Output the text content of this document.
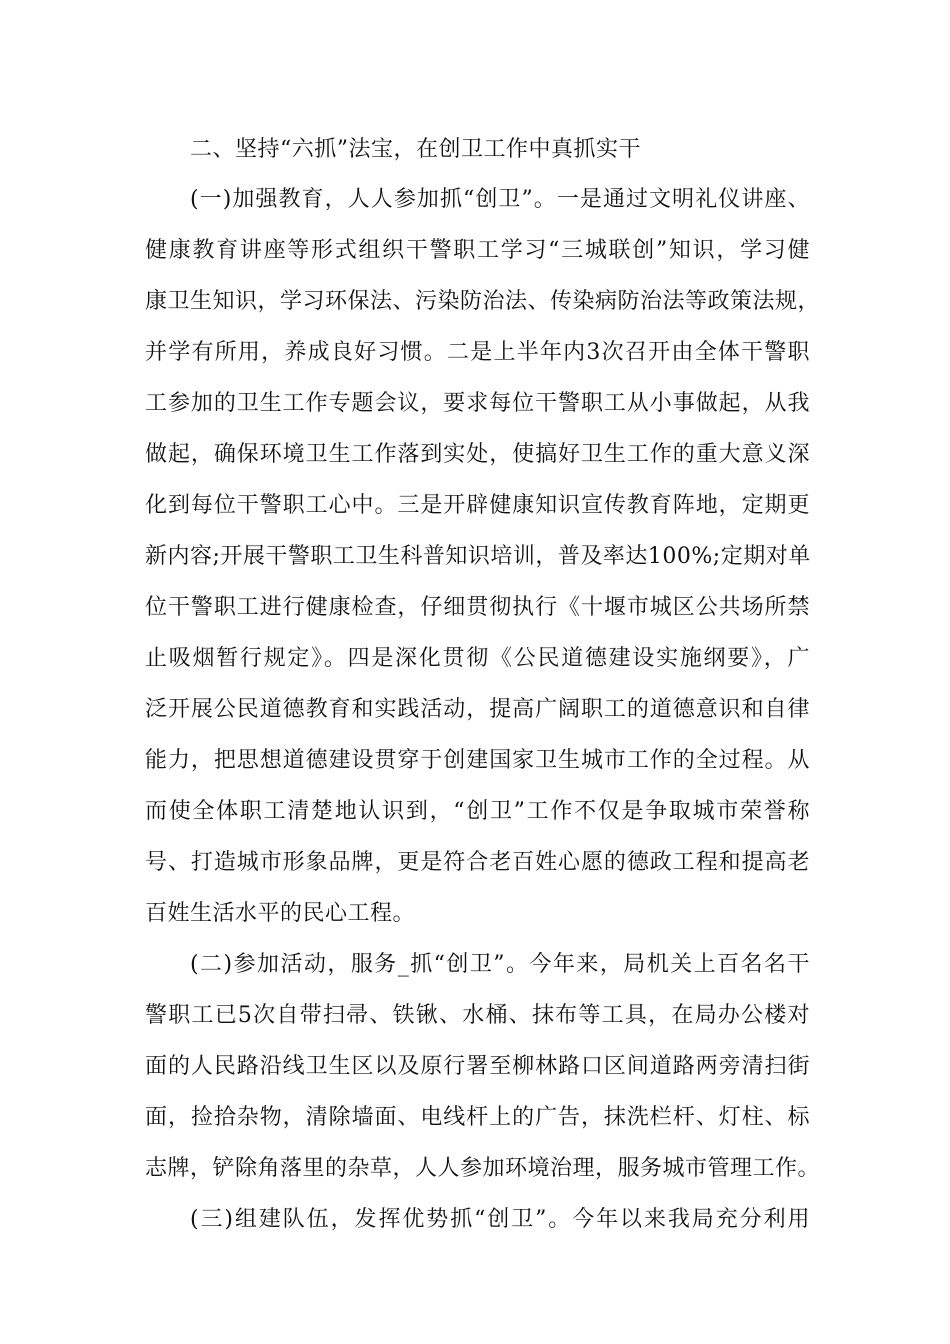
二、坚持“六抓”法宝，在创卫工作中真抓实干
(一)加强教育，人人参加抓“创卫”。一是通过文明礼仪讲座、
健康教育讲座等形式组织干警职工学习“三城联创”知识，学习健
康卫生知识，学习环保法、污染防治法、传染病防治法等政策法规，
并学有所用，养成良好习惯。二是上半年内3次召开由全体干警职
工参加的卫生工作专题会议，要求每位干警职工从小事做起，从我
做起，确保环境卫生工作落到实处，使搞好卫生工作的重大意义深
化到每位干警职工心中。三是开辟健康知识宣传教育阵地，定期更
新内容;开展干警职工卫生科普知识培训，普及率达100%;定期对单
位干警职工进行健康检查，仔细贯彻执行《十堰市城区公共场所禁
止吸烟暂行规定》。四是深化贯彻《公民道德建设实施纲要》，广
泛开展公民道德教育和实践活动，提高广阔职工的道德意识和自律
能力，把思想道德建设贯穿于创建国家卫生城市工作的全过程。从
而使全体职工清楚地认识到，“创卫”工作不仅是争取城市荣誉称
号、打造城市形象品牌，更是符合老百姓心愿的德政工程和提高老
百姓生活水平的民心工程。
(二)参加活动，服务_抓“创卫”。今年来，局机关上百名名干
警职工已5次自带扫帚、铁锹、水桶、抹布等工具，在局办公楼对
面的人民路沿线卫生区以及原行署至柳林路口区间道路两旁清扫街
面，捡拾杂物，清除墙面、电线杆上的广告，抹洗栏杆、灯柱、标
志牌，铲除角落里的杂草，人人参加环境治理，服务城市管理工作。
(三)组建队伍，发挥优势抓“创卫”。今年以来我局充分利用
